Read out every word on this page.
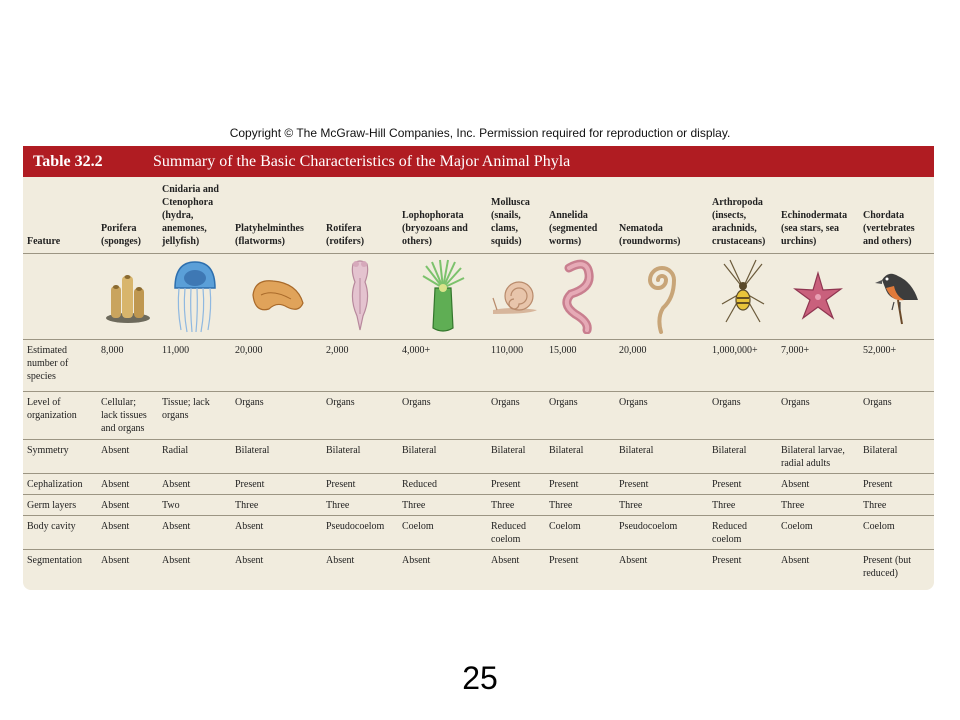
Copyright © The McGraw-Hill Companies, Inc. Permission required for reproduction or display.
Table 32.2	Summary of the Basic Characteristics of the Major Animal Phyla
Feature	Porifera (sponges)	Cnidaria and Ctenophora (hydra, anemones, jellyfish)	Platyhelminthes (flatworms)	Rotifera (rotifers)	Lophophorata (bryozoans and others)	Mollusca (snails, clams, squids)	Annelida (segmented worms)	Nematoda (roundworms)	Arthropoda (insects, arachnids, crustaceans)	Echinodermata (sea stars, sea urchins)	Chordata (vertebrates and others)

Estimated number of species	8,000	11,000	20,000	2,000	4,000+	110,000	15,000	20,000	1,000,000+	7,000+	52,000+
Level of organization	Cellular; lack tissues and organs	Tissue; lack organs	Organs	Organs	Organs	Organs	Organs	Organs	Organs	Organs	Organs
Symmetry	Absent	Radial	Bilateral	Bilateral	Bilateral	Bilateral	Bilateral	Bilateral	Bilateral	Bilateral larvae, radial adults	Bilateral
Cephalization	Absent	Absent	Present	Present	Reduced	Present	Present	Present	Present	Absent	Present
Germ layers	Absent	Two	Three	Three	Three	Three	Three	Three	Three	Three	Three
Body cavity	Absent	Absent	Absent	Pseudocoelom	Coelom	Reduced coelom	Coelom	Pseudocoelom	Reduced coelom	Coelom	Coelom
Segmentation	Absent	Absent	Absent	Absent	Absent	Absent	Present	Absent	Present	Absent	Present (but reduced)
25
